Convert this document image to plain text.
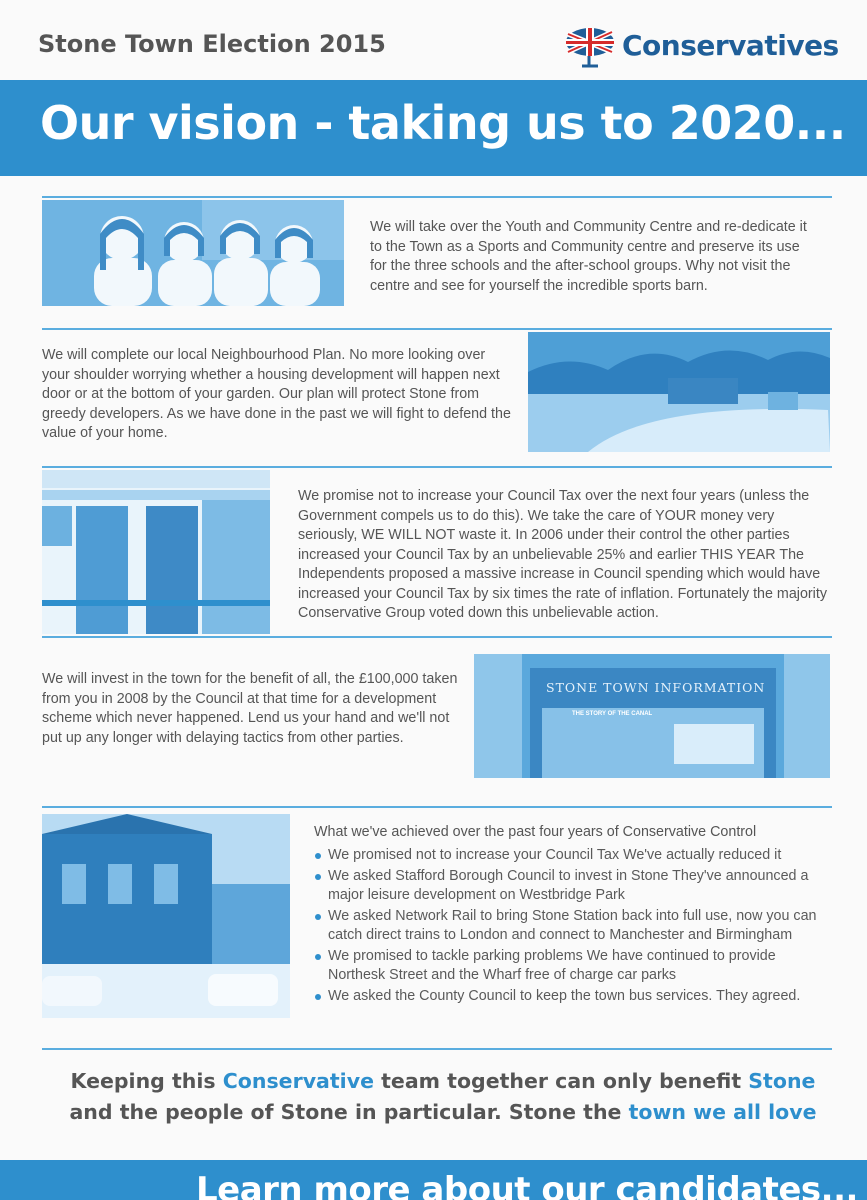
Stone Town Election 2015	Conservatives
Our vision - taking us to 2020...
We will take over the Youth and Community Centre and re-dedicate it to the Town as a Sports and Community centre and preserve its use for the three schools and the after-school groups. Why not visit the centre and see for yourself the incredible sports barn.
We will complete our local Neighbourhood Plan. No more looking over your shoulder worrying whether a housing development will happen next door or at the bottom of your garden. Our plan will protect Stone from greedy developers. As we have done in the past we will fight to defend the value of your home.
We promise not to increase your Council Tax over the next four years (unless the Government compels us to do this). We take the care of YOUR money very seriously, WE WILL NOT waste it. In 2006 under their control the other parties increased your Council Tax by an unbelievable 25% and earlier THIS YEAR The Independents proposed a massive increase in Council spending which would have increased your Council Tax by six times the rate of inflation. Fortunately the majority Conservative Group voted down this unbelievable action.
We will invest in the town for the benefit of all, the £100,000 taken from you in 2008 by the Council at that time for a development scheme which never happened. Lend us your hand and we'll not put up any longer with delaying tactics from other parties.
STONE TOWN INFORMATION
THE STORY OF THE CANAL
What we've achieved over the past four years of Conservative Control
We promised not to increase your Council Tax We've actually reduced it
We asked Stafford Borough Council to invest in Stone They've announced a major leisure development on Westbridge Park
We asked Network Rail to bring Stone Station back into full use, now you can catch direct trains to London and connect to Manchester and Birmingham
We promised to tackle parking problems We have continued to provide Northesk Street and the Wharf free of charge car parks
We asked the County Council to keep the town bus services. They agreed.
Keeping this Conservative team together can only benefit Stone and the people of Stone in particular. Stone the town we all love
Learn more about our candidates...
